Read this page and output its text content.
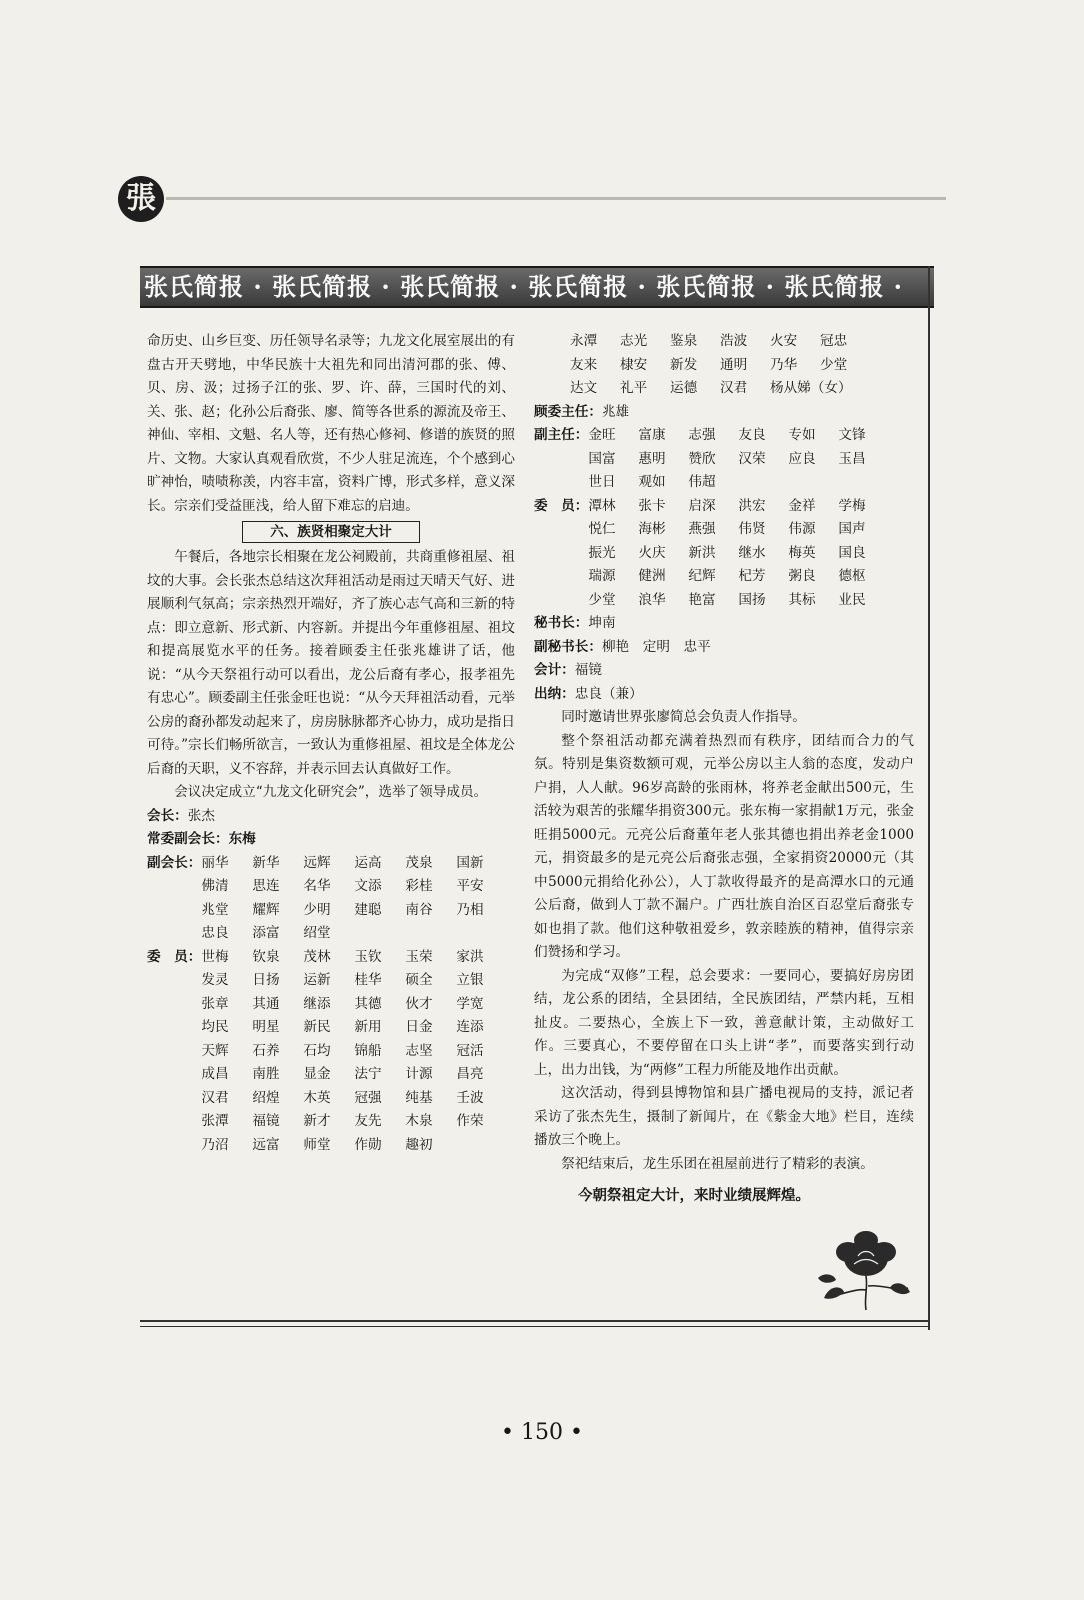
張
张氏简报 · 张氏简报 · 张氏简报 · 张氏简报 · 张氏简报 · 张氏简报 ·

命历史、山乡巨变、历任领导名录等；九龙文化展室展出的有盘古开天劈地，中华民族十大祖先和同出清河郡的张、傅、贝、房、汲；过扬子江的张、罗、许、薛，三国时代的刘、关、张、赵；化孙公后裔张、廖、简等各世系的源流及帝王、神仙、宰相、文魁、名人等，还有热心修祠、修谱的族贤的照片、文物。大家认真观看欣赏，不少人驻足流连，个个感到心旷神怡，啧啧称羡，内容丰富，资料广博，形式多样，意义深长。宗亲们受益匪浅，给人留下难忘的启迪。

六、族贤相聚定大计

午餐后，各地宗长相聚在龙公祠殿前，共商重修祖屋、祖坟的大事。会长张杰总结这次拜祖活动是雨过天晴天气好、进展顺利气氛高；宗亲热烈开端好，齐了族心志气高和三新的特点：即立意新、形式新、内容新。并提出今年重修祖屋、祖坟和提高展览水平的任务。接着顾委主任张兆雄讲了话，他说：“从今天祭祖行动可以看出，龙公后裔有孝心，报孝祖先有忠心”。顾委副主任张金旺也说：“从今天拜祖活动看，元举公房的裔孙都发动起来了，房房脉脉都齐心协力，成功是指日可待。”宗长们畅所欲言，一致认为重修祖屋、祖坟是全体龙公后裔的天职，义不容辞，并表示回去认真做好工作。

会议决定成立“九龙文化研究会”，选举了领导成员。

会长：张杰
常委副会长：东梅
副会长： 丽华	新华	远辉	运高	茂泉	国新
佛清	思连	名华	文添	彩桂	平安
兆堂	耀辉	少明	建聪	南谷	乃相
忠良	添富	绍堂
委　员： 世梅	钦泉	茂林	玉钦	玉荣	家洪
发灵	日扬	运新	桂华	硕全	立银
张章	其通	继添	其德	伙才	学宽
均民	明星	新民	新用	日金	连添
天辉	石养	石均	锦船	志坚	冠活
成昌	南胜	显金	法宁	计源	昌亮
汉君	绍煌	木英	冠强	纯基	壬波
张潭	福镜	新才	友先	木泉	作荣
乃沼	远富	师堂	作勋	趣初
永潭	志光	鉴泉	浩波	火安	冠忠
友来	棣安	新发	通明	乃华	少堂
达文	礼平	运德	汉君	杨从娣（女）
顾委主任：兆雄
副主任： 金旺	富康	志强	友良	专如	文锋
国富	惠明	赞欣	汉荣	应良	玉昌
世日	观如	伟超
委　员： 潭林	张卡	启深	洪宏	金祥	学梅
悦仁	海彬	燕强	伟贤	伟源	国声
振光	火庆	新洪	继水	梅英	国良
瑞源	健洲	纪辉	杞芳	粥良	德枢
少堂	浪华	艳富	国扬	其标	业民
秘书长：坤南
副秘书长：柳艳　定明　忠平
会计：福镜
出纳：忠良（兼）

同时邀请世界张廖简总会负责人作指导。

整个祭祖活动都充满着热烈而有秩序，团结而合力的气氛。特别是集资数额可观，元举公房以主人翁的态度，发动户户捐，人人献。96岁高龄的张雨林，将养老金献出500元，生活较为艰苦的张耀华捐资300元。张东梅一家捐献1万元，张金旺捐5000元。元亮公后裔董年老人张其德也捐出养老金1000元，捐资最多的是元亮公后裔张志强，全家捐资20000元（其中5000元捐给化孙公），人丁款收得最齐的是高潭水口的元通公后裔，做到人丁款不漏户。广西壮族自治区百忍堂后裔张专如也捐了款。他们这种敬祖爱乡，敦亲睦族的精神，值得宗亲们赞扬和学习。

为完成“双修”工程，总会要求：一要同心，要搞好房房团结，龙公系的团结，全县团结，全民族团结，严禁内耗，互相扯皮。二要热心，全族上下一致，善意献计策，主动做好工作。三要真心，不要停留在口头上讲“孝”，而要落实到行动上，出力出钱，为“两修”工程力所能及地作出贡献。

这次活动，得到县博物馆和县广播电视局的支持，派记者采访了张杰先生，摄制了新闻片，在《紫金大地》栏目，连续播放三个晚上。

祭祀结束后，龙生乐团在祖屋前进行了精彩的表演。

今朝祭祖定大计，来时业绩展辉煌。
• 150 •
